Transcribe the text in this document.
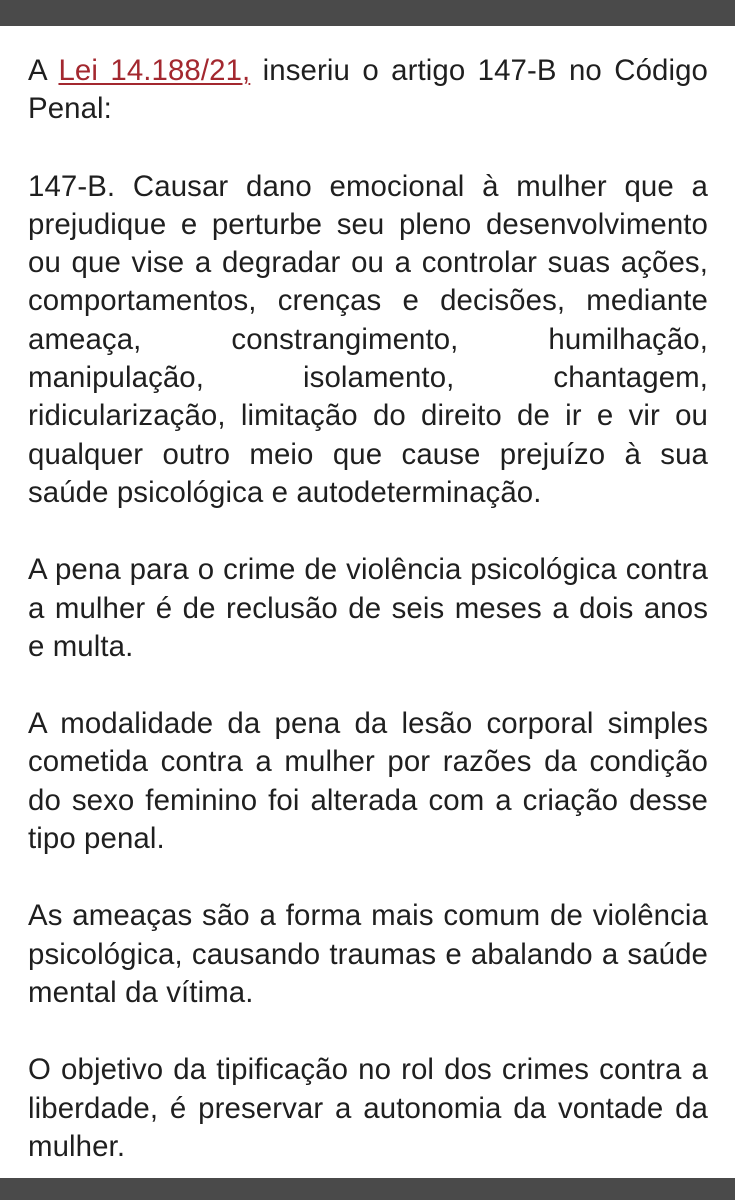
A Lei 14.188/21, inseriu o artigo 147-B no Código Penal:

147-B. Causar dano emocional à mulher que a prejudique e perturbe seu pleno desenvolvimento ou que vise a degradar ou a controlar suas ações, comportamentos, crenças e decisões, mediante ameaça, constrangimento, humilhação, manipulação, isolamento, chantagem, ridicularização, limitação do direito de ir e vir ou qualquer outro meio que cause prejuízo à sua saúde psicológica e autodeterminação.

A pena para o crime de violência psicológica contra a mulher é de reclusão de seis meses a dois anos e multa.

A modalidade da pena da lesão corporal simples cometida contra a mulher por razões da condição do sexo feminino foi alterada com a criação desse tipo penal.

As ameaças são a forma mais comum de violência psicológica, causando traumas e abalando a saúde mental da vítima.

O objetivo da tipificação no rol dos crimes contra a liberdade, é preservar a autonomia da vontade da mulher.
